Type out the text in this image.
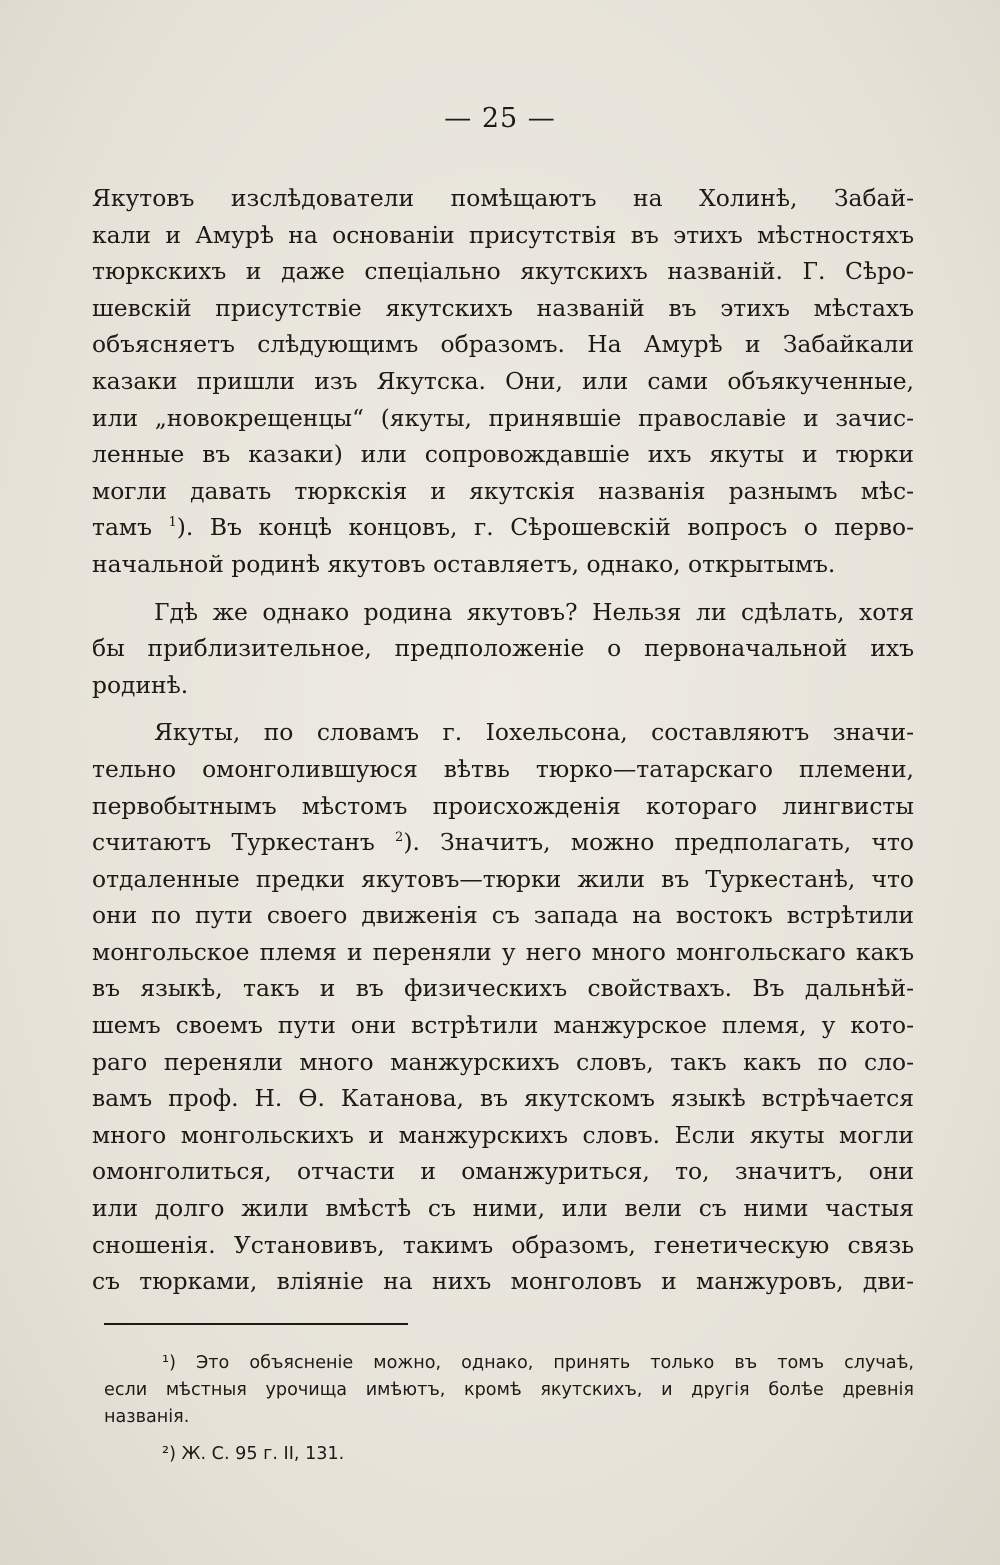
— 25 —
Якутовъ изслѣдователи помѣщаютъ на Холинѣ, Забай-
кали и Амурѣ на основаніи присутствія въ этихъ мѣстностяхъ
тюркскихъ и даже спеціально якутскихъ названій. Г. Сѣро-
шевскій присутствіе якутскихъ названій въ этихъ мѣстахъ
объясняетъ слѣдующимъ образомъ. На Амурѣ и Забайкали
казаки пришли изъ Якутска. Они, или сами объякученные,
или „новокрещенцы“ (якуты, принявшіе православіе и зачис-
ленные въ казаки) или сопровождавшіе ихъ якуты и тюрки
могли давать тюркскія и якутскія названія разнымъ мѣс-
тамъ $^1$). Въ концѣ концовъ, г. Сѣрошевскій вопросъ о перво-
начальной родинѣ якутовъ оставляетъ, однако, открытымъ.
Гдѣ же однако родина якутовъ? Нельзя ли сдѣлать, хотя
бы приблизительное, предположеніе о первоначальной ихъ
родинѣ.
Якуты, по словамъ г. Іохельсона, составляютъ значи-
тельно омонголившуюся вѣтвь тюрко—татарскаго племени,
первобытнымъ мѣстомъ происхожденія котораго лингвисты
считаютъ Туркестанъ $^2$). Значитъ, можно предполагать, что
отдаленные предки якутовъ—тюрки жили въ Туркестанѣ, что
они по пути своего движенія съ запада на востокъ встрѣтили
монгольское племя и переняли у него много монгольскаго какъ
въ языкѣ, такъ и въ физическихъ свойствахъ. Въ дальнѣй-
шемъ своемъ пути они встрѣтили манжурское племя, у кото-
раго переняли много манжурскихъ словъ, такъ какъ по сло-
вамъ проф. Н. Ѳ. Катанова, въ якутскомъ языкѣ встрѣчается
много монгольскихъ и манжурскихъ словъ. Если якуты могли
омонголиться, отчасти и оманжуриться, то, значитъ, они
или долго жили вмѣстѣ съ ними, или вели съ ними частыя
сношенія. Установивъ, такимъ образомъ, генетическую связь
съ тюрками, вліяніе на нихъ монголовъ и манжуровъ, дви-
¹) Это объясненіе можно, однако, принять только въ томъ случаѣ,
если мѣстныя урочища имѣютъ, кромѣ якутскихъ, и другія болѣе древнія
названія.
²) Ж. С. 95 г. II, 131.
